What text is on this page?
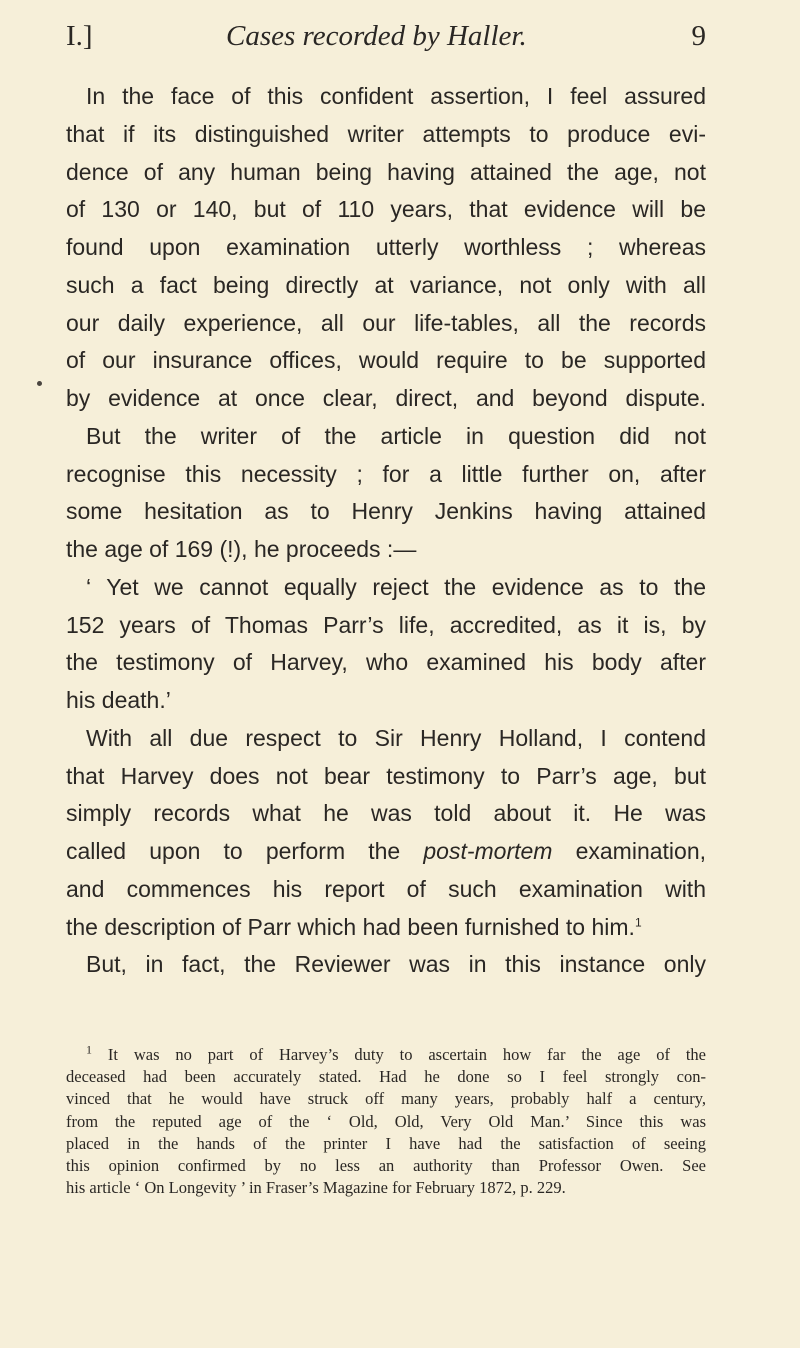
I.]	Cases recorded by Haller.	9
In the face of this confident assertion, I feel assured
that if its distinguished writer attempts to produce evi-
dence of any human being having attained the age, not
of 130 or 140, but of 110 years, that evidence will be
found upon examination utterly worthless ; whereas
such a fact being directly at variance, not only with all
our daily experience, all our life-tables, all the records
of our insurance offices, would require to be supported
by evidence at once clear, direct, and beyond dispute.
But the writer of the article in question did not
recognise this necessity ; for a little further on, after
some hesitation as to Henry Jenkins having attained
the age of 169 (!), he proceeds :—
‘ Yet we cannot equally reject the evidence as to the
152 years of Thomas Parr’s life, accredited, as it is, by
the testimony of Harvey, who examined his body after
his death.’
With all due respect to Sir Henry Holland, I contend
that Harvey does not bear testimony to Parr’s age, but
simply records what he was told about it. He was
called upon to perform the post-mortem examination,
and commences his report of such examination with
the description of Parr which had been furnished to him.$^1$
But, in fact, the Reviewer was in this instance only
$^1$ It was no part of Harvey’s duty to ascertain how far the age of the
deceased had been accurately stated. Had he done so I feel strongly con-
vinced that he would have struck off many years, probably half a century,
from the reputed age of the ‘ Old, Old, Very Old Man.’ Since this was
placed in the hands of the printer I have had the satisfaction of seeing
this opinion confirmed by no less an authority than Professor Owen. See
his article ‘ On Longevity ’ in Fraser’s Magazine for February 1872, p. 229.
